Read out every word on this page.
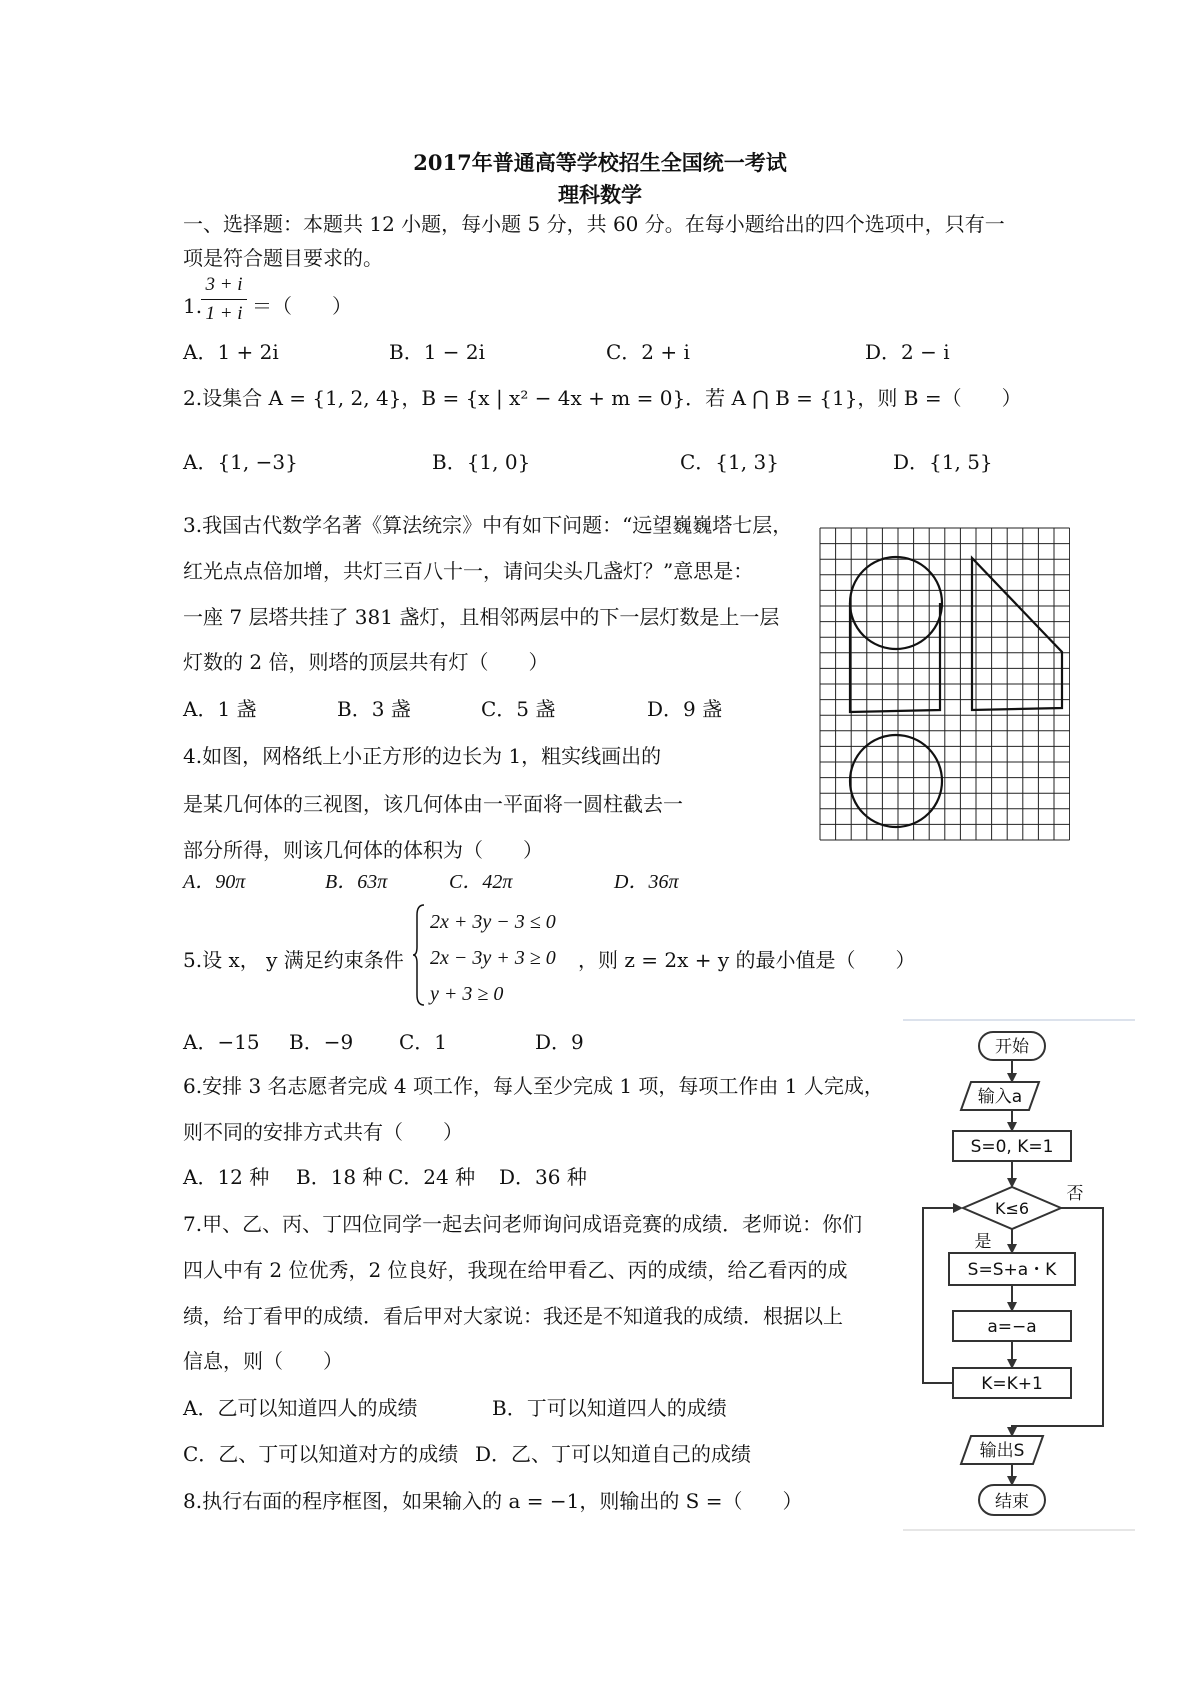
2017年普通高等学校招生全国统一考试
理科数学
一、选择题：本题共 12 小题，每小题 5 分，共 60 分。在每小题给出的四个选项中，只有一
项是符合题目要求的。
1.
3 + i
1 + i ＝（　　）
A．1 + 2i	B．1 − 2i	C．2 + i	D．2 − i
2.设集合 A = {1, 2, 4}，B = {x | x² − 4x + m = 0}．若 A ⋂ B = {1}，则 B =（　　）
A．{1, −3}	B．{1, 0}	C．{1, 3}	D．{1, 5}
3.我国古代数学名著《算法统宗》中有如下问题：“远望巍巍塔七层，
红光点点倍加增，共灯三百八十一，请问尖头几盏灯？”意思是：
一座 7 层塔共挂了 381 盏灯，且相邻两层中的下一层灯数是上一层
灯数的 2 倍，则塔的顶层共有灯（　　）
A．1 盏	B．3 盏	C．5 盏	D．9 盏
4.如图，网格纸上小正方形的边长为 1，粗实线画出的
是某几何体的三视图，该几何体由一平面将一圆柱截去一
部分所得，则该几何体的体积为（　　）
A．90π	B．63π	C．42π	D．36π
5.设 x， y 满足约束条件
2x + 3y − 3 ≤ 0
2x − 3y + 3 ≥ 0
y + 3 ≥ 0
，则 z = 2x + y 的最小值是（　　）
A．−15 B．−9 C．1	D．9
6.安排 3 名志愿者完成 4 项工作，每人至少完成 1 项，每项工作由 1 人完成，
则不同的安排方式共有（　　）
A．12 种 B．18 种 C．24 种 D．36 种
7.甲、乙、丙、丁四位同学一起去问老师询问成语竞赛的成绩．老师说：你们
四人中有 2 位优秀，2 位良好，我现在给甲看乙、丙的成绩，给乙看丙的成
绩，给丁看甲的成绩．看后甲对大家说：我还是不知道我的成绩．根据以上
信息，则（　　）
A．乙可以知道四人的成绩	B．丁可以知道四人的成绩
C．乙、丁可以知道对方的成绩 D．乙、丁可以知道自己的成绩
8.执行右面的程序框图，如果输入的 a = −1，则输出的 S =（　　）
开始
输入a
S=0, K=1
K≤6
S=S+a・K
a=−a
K=K+1
输出S
结束
是
否
